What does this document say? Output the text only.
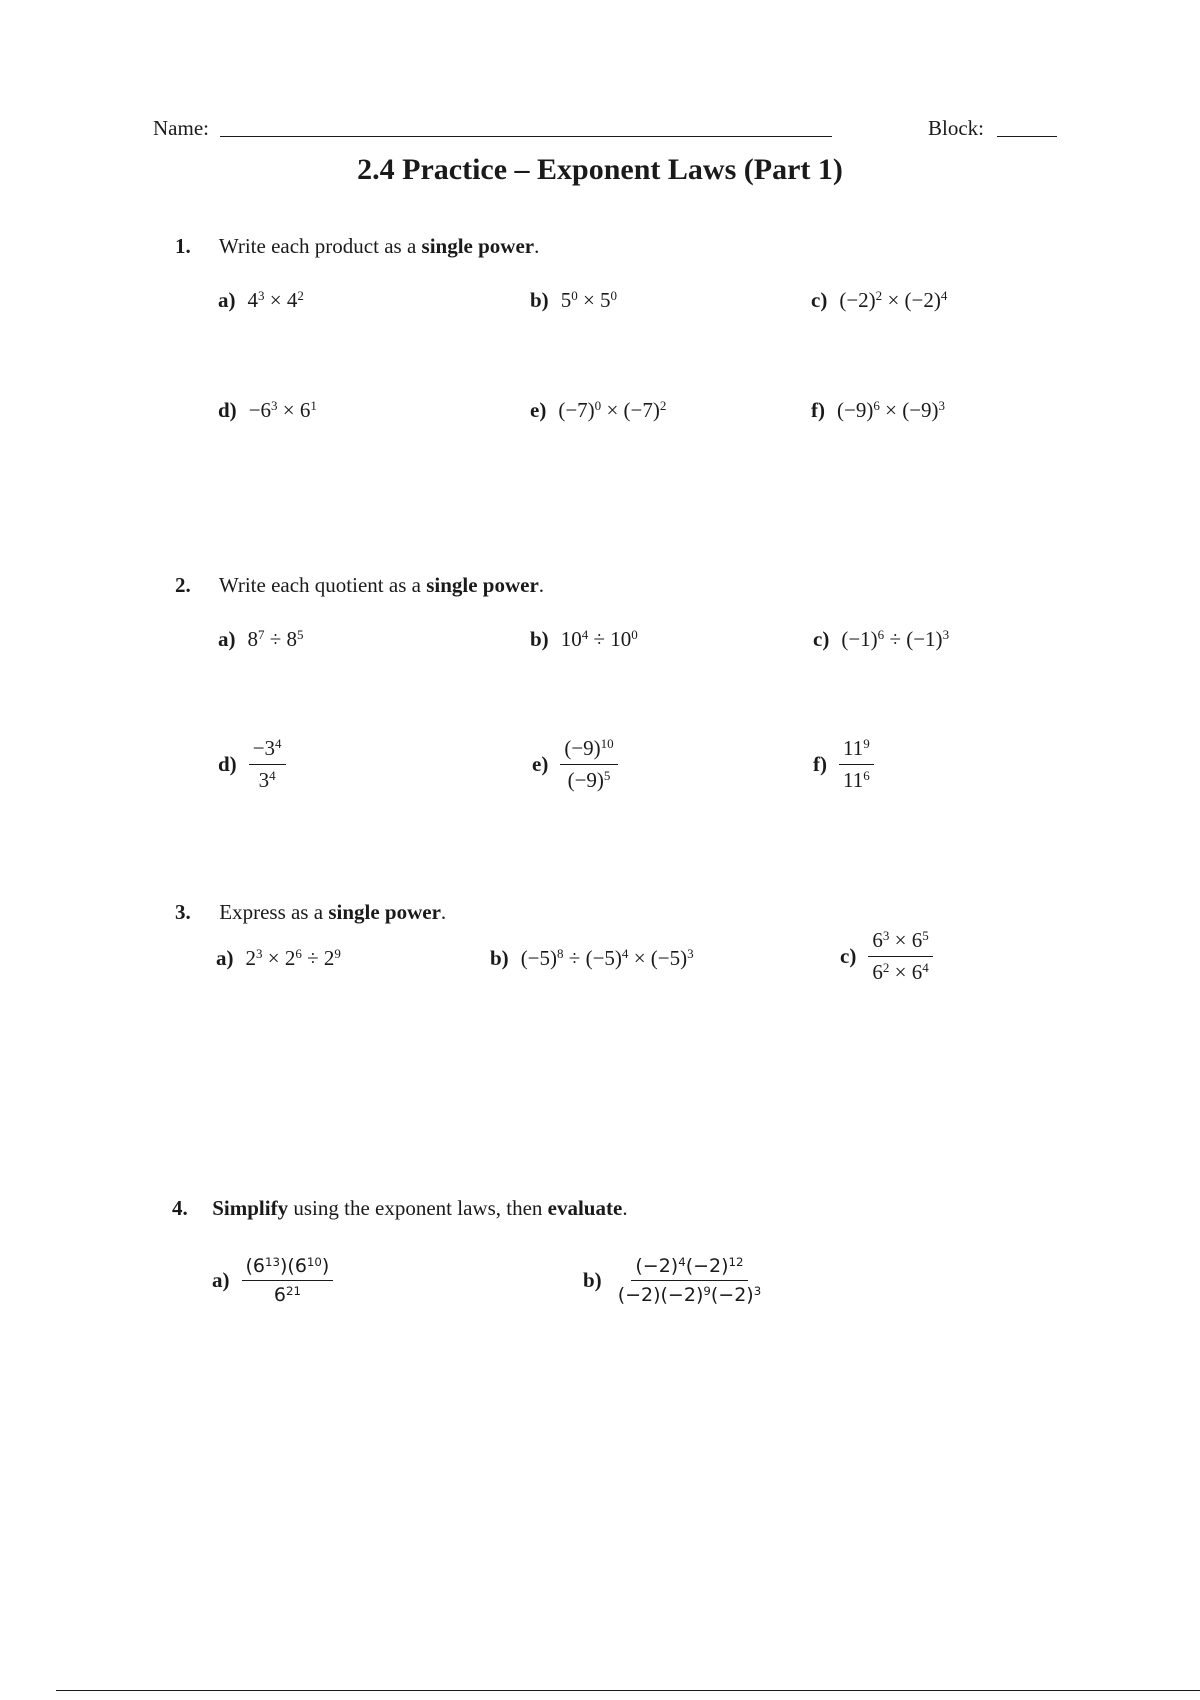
Name:	Block:
2.4 Practice – Exponent Laws (Part 1)
1. Write each product as a single power.
a) $4^3 \times 4^2$	b) $5^0 \times 5^0$	c) $(-2)^2 \times (-2)^4$
$d) -6^3 \times 6^1$	e) $(-7)^0 \times (-7)^2$	f) $(-9)^6 \times (-9)^3$
2. Write each quotient as a single power.
a) $8^7 \div 8^5$	b) $10^4 \div 10^0$	c) $(-1)^6 \div (-1)^3$
$d) \frac{-3^4}{3^4}$	$e) \frac{(-9)^{10}}{(-9)^5}$	$f) \frac{11^9}{11^6}$
3. Express as a single power.
a) $2^3 \times 2^6 \div 2^9$	b) $(-5)^8 \div (-5)^4 \times (-5)^3$	$c) \frac{6^3 \times 6^5}{6^2 \times 6^4}$
4. Simplify using the exponent laws, then evaluate.
$a) \frac{(6^{13})(6^{10})}{6^{21}}$	$b) \frac{(-2)^4(-2)^{12}}{(-2)(-2)^9(-2)^3}$
